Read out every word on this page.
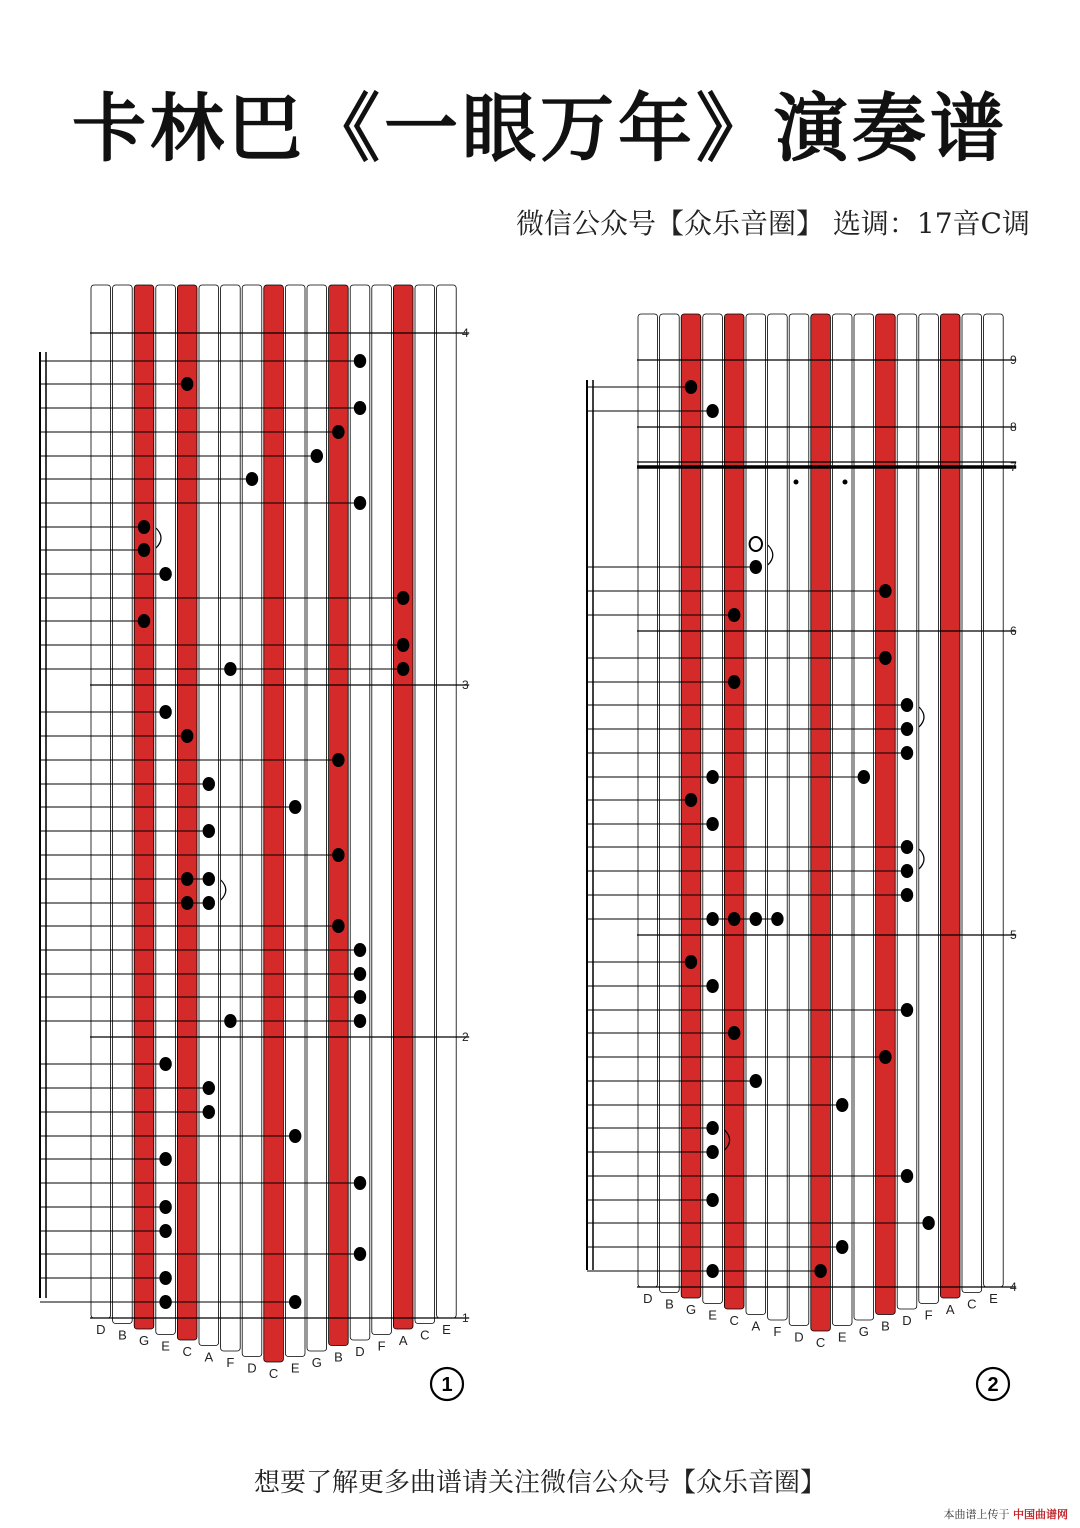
卡林巴《一眼万年》演奏谱
微信公众号【众乐音圈】 选调：17音C调
D B G E C A F D C E G B D F A C E
4
3
2
1
1
D B G E C A F D C E G B D F A C E
9
8
7
6
5
4
2
想要了解更多曲谱请关注微信公众号【众乐音圈】
本曲谱上传于 中国曲谱网
